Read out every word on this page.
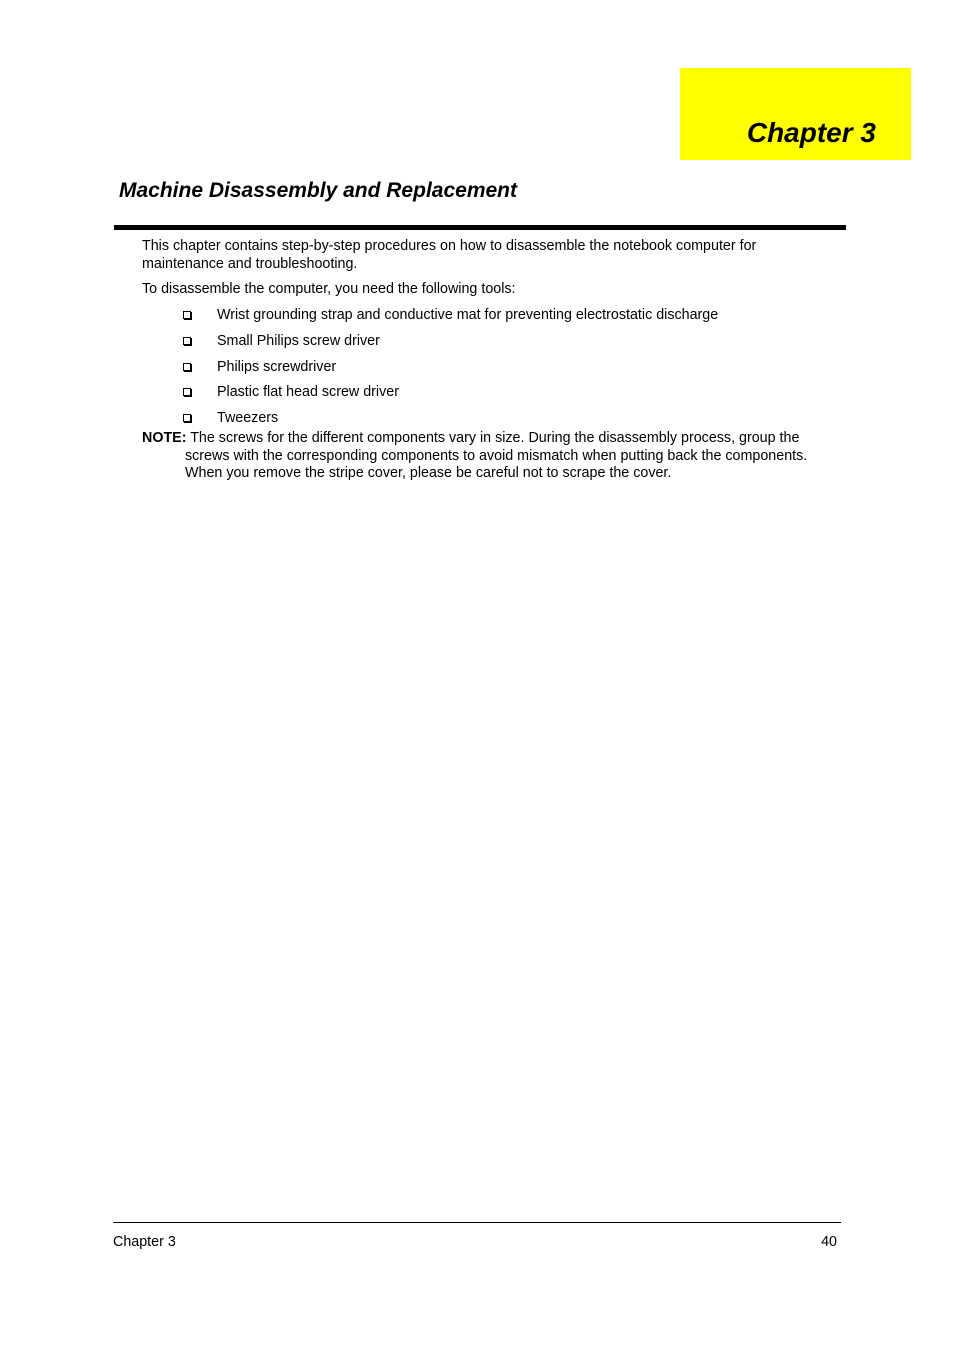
Chapter 3
Machine Disassembly and Replacement
This chapter contains step-by-step procedures on how to disassemble the notebook computer for
maintenance and troubleshooting.
To disassemble the computer, you need the following tools:
Wrist grounding strap and conductive mat for preventing electrostatic discharge
Small Philips screw driver
Philips screwdriver
Plastic flat head screw driver
Tweezers
NOTE: The screws for the different components vary in size. During the disassembly process, group the
screws with the corresponding components to avoid mismatch when putting back the components.
When you remove the stripe cover, please be careful not to scrape the cover.
Chapter 3	40
